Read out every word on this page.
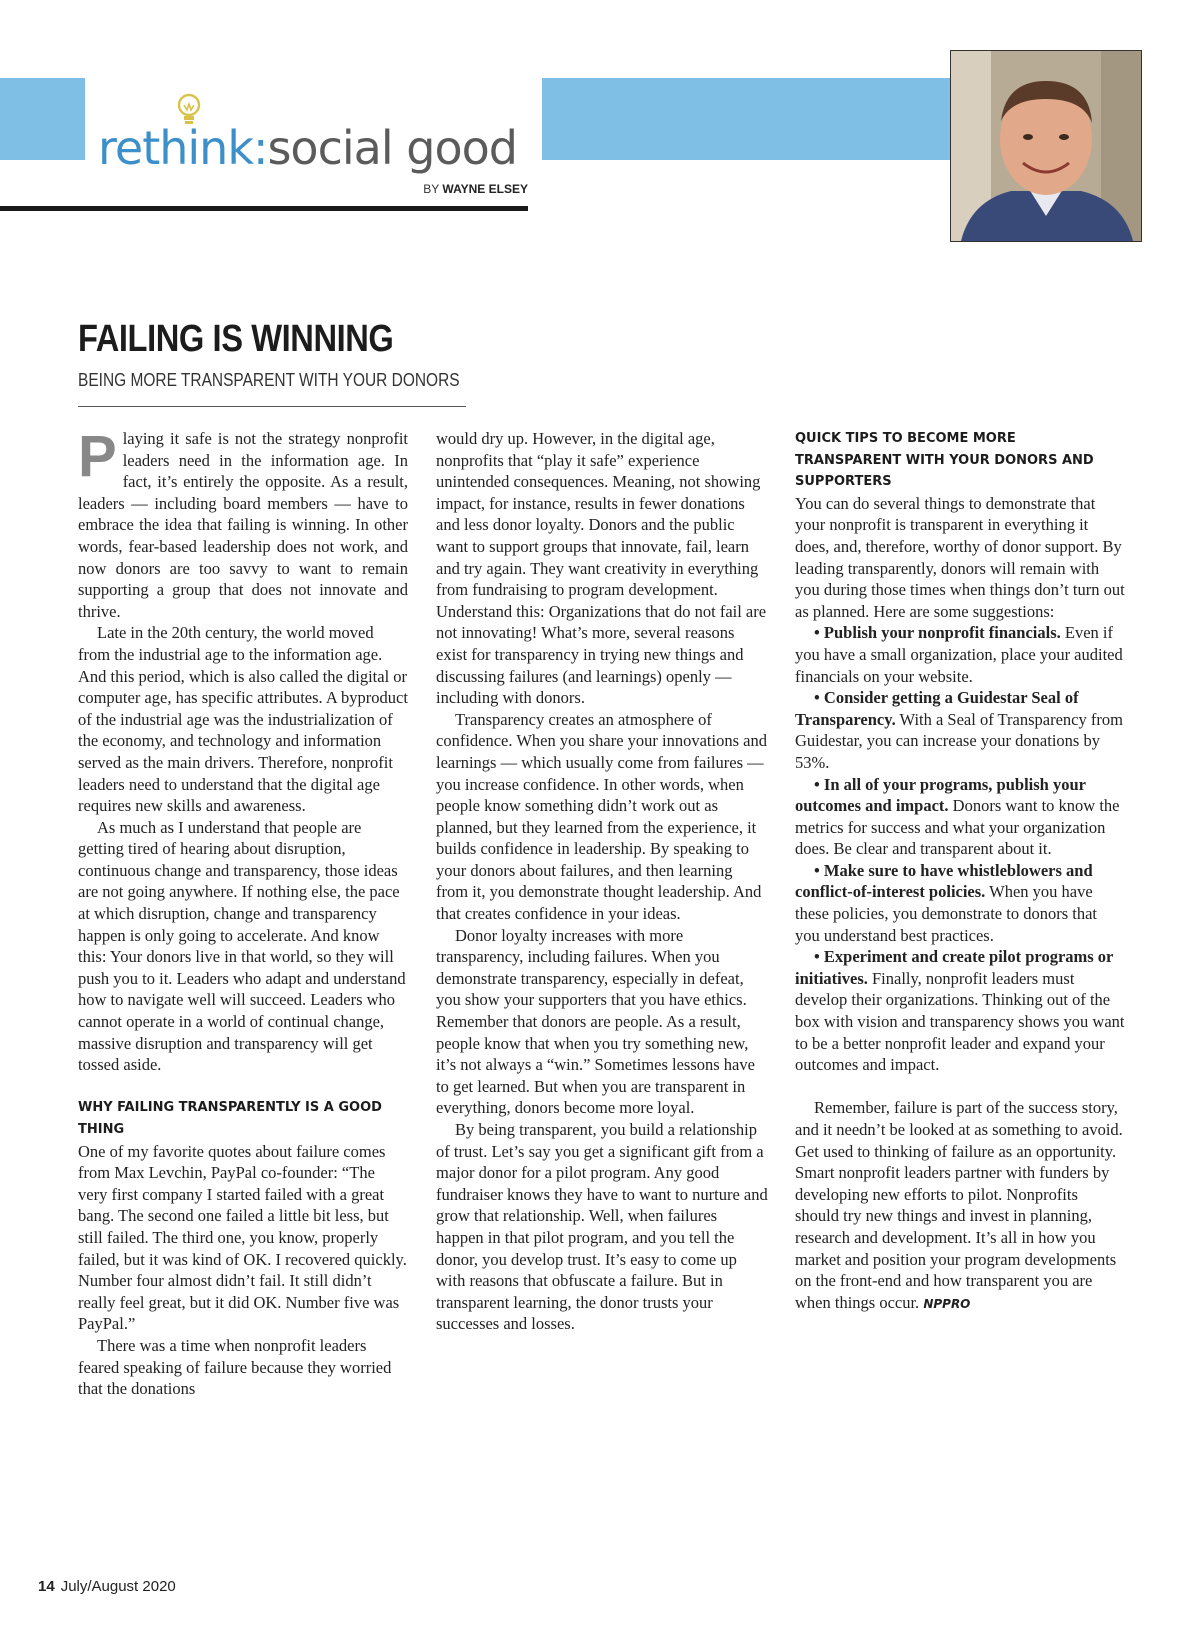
rethink:social good
BY WAYNE ELSEY
FAILING IS WINNING
BEING MORE TRANSPARENT WITH YOUR DONORS

Playing it safe is not the strategy nonprofit leaders need in the information age. In fact, it’s entirely the opposite. As a result, leaders — including board members — have to embrace the idea that failing is winning. In other words, fear-based leadership does not work, and now donors are too savvy to want to remain supporting a group that does not innovate and thrive.

Late in the 20th century, the world moved from the industrial age to the information age. And this period, which is also called the digital or computer age, has specific attributes. A byproduct of the industrial age was the industrialization of the economy, and technology and information served as the main drivers. Therefore, nonprofit leaders need to understand that the digital age requires new skills and awareness.

As much as I understand that people are getting tired of hearing about disruption, continuous change and transparency, those ideas are not going anywhere. If nothing else, the pace at which disruption, change and transparency happen is only going to accelerate. And know this: Your donors live in that world, so they will push you to it. Leaders who adapt and understand how to navigate well will succeed. Leaders who cannot operate in a world of continual change, massive disruption and transparency will get tossed aside.

WHY FAILING TRANSPARENTLY IS A GOOD THING

One of my favorite quotes about failure comes from Max Levchin, PayPal co-founder: “The very first company I started failed with a great bang. The second one failed a little bit less, but still failed. The third one, you know, properly failed, but it was kind of OK. I recovered quickly. Number four almost didn’t fail. It still didn’t really feel great, but it did OK. Number five was PayPal.”

There was a time when nonprofit leaders feared speaking of failure because they worried that the donations

would dry up. However, in the digital age, nonprofits that “play it safe” experience unintended consequences. Meaning, not showing impact, for instance, results in fewer donations and less donor loyalty. Donors and the public want to support groups that innovate, fail, learn and try again. They want creativity in everything from fundraising to program development. Understand this: Organizations that do not fail are not innovating! What’s more, several reasons exist for transparency in trying new things and discussing failures (and learnings) openly — including with donors.

Transparency creates an atmosphere of confidence. When you share your innovations and learnings — which usually come from failures — you increase confidence. In other words, when people know something didn’t work out as planned, but they learned from the experience, it builds confidence in leadership. By speaking to your donors about failures, and then learning from it, you demonstrate thought leadership. And that creates confidence in your ideas.

Donor loyalty increases with more transparency, including failures. When you demonstrate transparency, especially in defeat, you show your supporters that you have ethics. Remember that donors are people. As a result, people know that when you try something new, it’s not always a “win.” Sometimes lessons have to get learned. But when you are transparent in everything, donors become more loyal.

By being transparent, you build a relationship of trust. Let’s say you get a significant gift from a major donor for a pilot program. Any good fundraiser knows they have to want to nurture and grow that relationship. Well, when failures happen in that pilot program, and you tell the donor, you develop trust. It’s easy to come up with reasons that obfuscate a failure. But in transparent learning, the donor trusts your successes and losses.

QUICK TIPS TO BECOME MORE TRANSPARENT WITH YOUR DONORS AND SUPPORTERS

You can do several things to demonstrate that your nonprofit is transparent in everything it does, and, therefore, worthy of donor support. By leading transparently, donors will remain with you during those times when things don’t turn out as planned. Here are some suggestions:

• Publish your nonprofit financials. Even if you have a small organization, place your audited financials on your website.

• Consider getting a Guidestar Seal of Transparency. With a Seal of Transparency from Guidestar, you can increase your donations by 53%.

• In all of your programs, publish your outcomes and impact. Donors want to know the metrics for success and what your organization does. Be clear and transparent about it.

• Make sure to have whistleblowers and conflict-of-interest policies. When you have these policies, you demonstrate to donors that you understand best practices.

• Experiment and create pilot programs or initiatives. Finally, nonprofit leaders must develop their organizations. Thinking out of the box with vision and transparency shows you want to be a better nonprofit leader and expand your outcomes and impact.

Remember, failure is part of the success story, and it needn’t be looked at as something to avoid. Get used to thinking of failure as an opportunity. Smart nonprofit leaders partner with funders by developing new efforts to pilot. Nonprofits should try new things and invest in planning, research and development. It’s all in how you market and position your program developments on the front-end and how transparent you are when things occur. NPPRO

14 July/August 2020
